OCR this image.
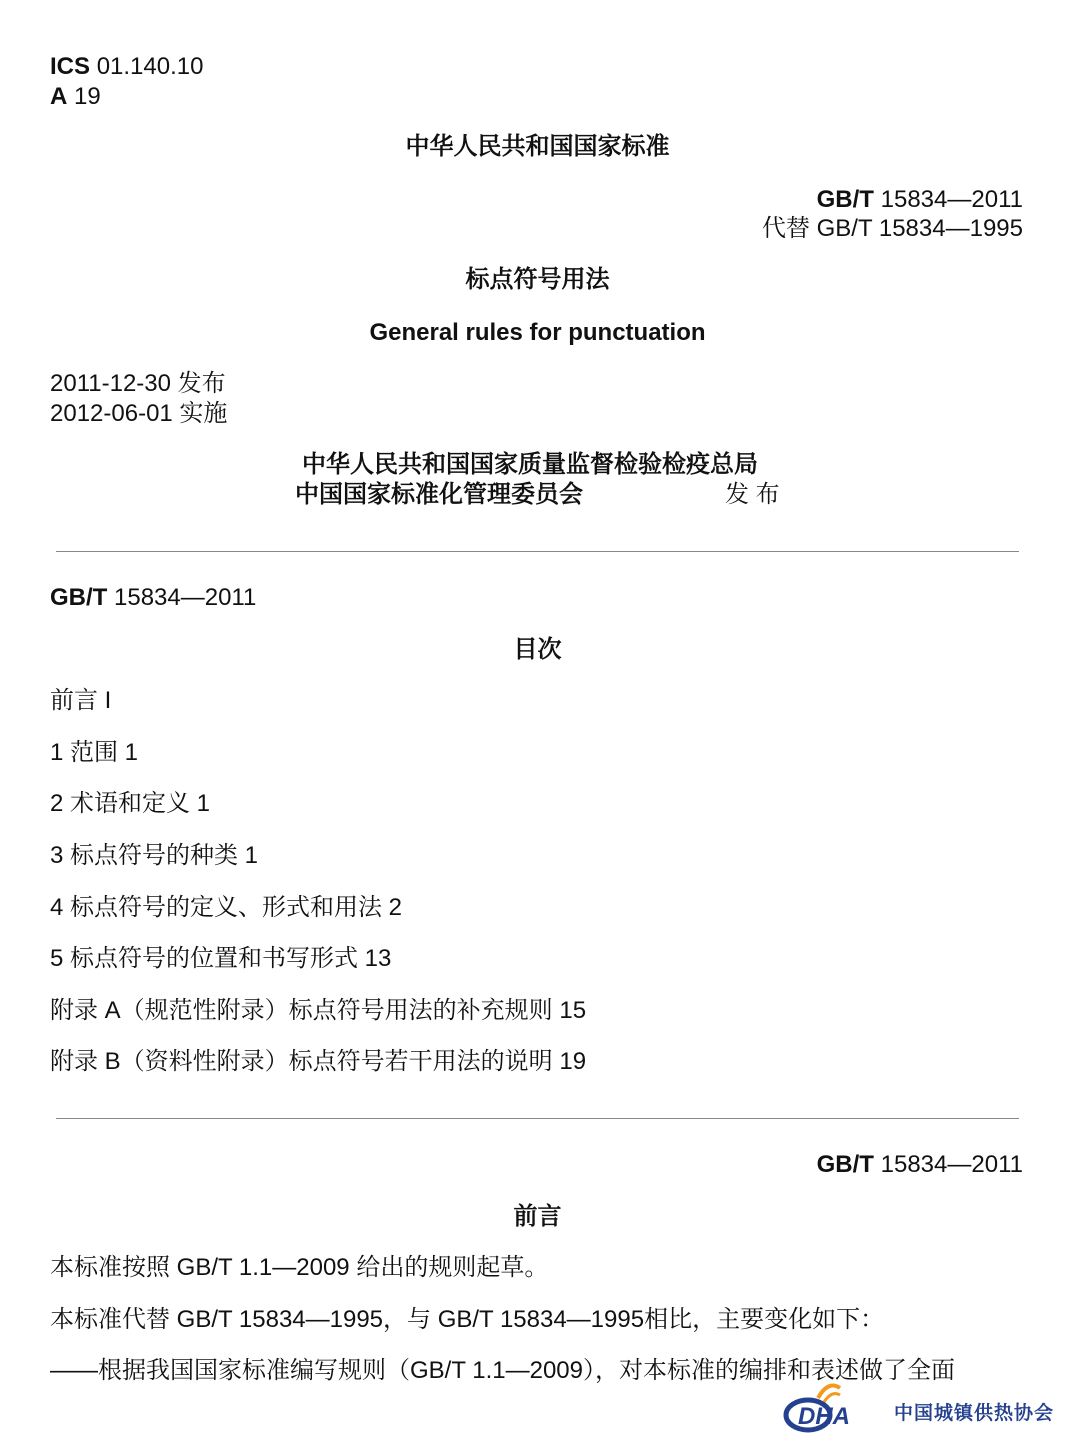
ICS 01.140.10
A 19
中华人民共和国国家标准
GB/T 15834—2011
代替 GB/T 15834—1995
标点符号用法
General rules for punctuation
2011-12-30 发布
2012-06-01 实施
中华人民共和国国家质量监督检验检疫总局
中国国家标准化管理委员会	发 布
GB/T 15834—2011
目次
前言 I
1 范围 1
2 术语和定义 1
3 标点符号的种类 1
4 标点符号的定义、形式和用法 2
5 标点符号的位置和书写形式 13
附录 A（规范性附录）标点符号用法的补充规则 15
附录 B（资料性附录）标点符号若干用法的说明 19
GB/T 15834—2011
前言
本标准按照 GB/T 1.1—2009 给出的规则起草。
本标准代替 GB/T 15834—1995，与 GB/T 15834—1995相比，主要变化如下：
——根据我国国家标准编写规则（GB/T 1.1—2009），对本标准的编排和表述做了全面
DHA 中国城镇供热协会
